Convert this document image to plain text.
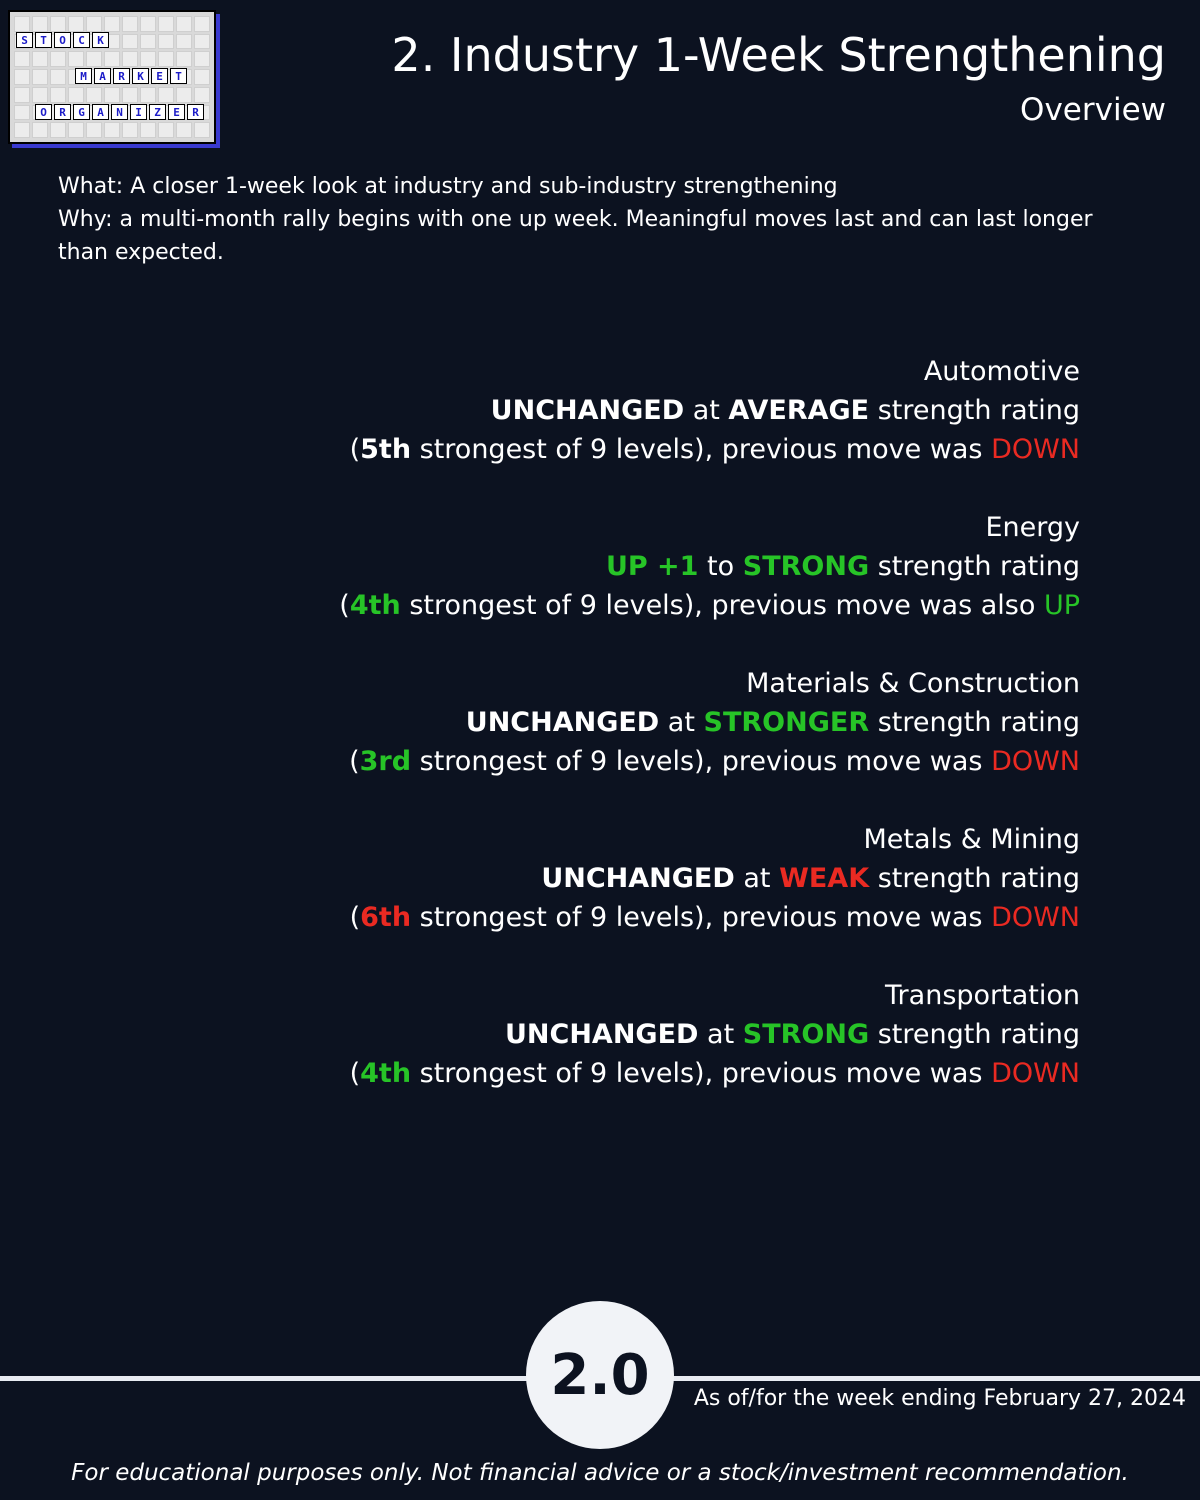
S	T	O	C	K
M	A	R	K	E	T
O	R	G	A	N	I	Z	E	R
2. Industry 1-Week Strengthening
Overview

What: A closer 1-week look at industry and sub-industry strengthening

Why: a multi-month rally begins with one up week. Meaningful moves last and can last longer than expected.

Automotive
UNCHANGED at AVERAGE strength rating
(5th strongest of 9 levels), previous move was DOWN
Energy
UP +1 to STRONG strength rating
(4th strongest of 9 levels), previous move was also UP
Materials & Construction
UNCHANGED at STRONGER strength rating
(3rd strongest of 9 levels), previous move was DOWN
Metals & Mining
UNCHANGED at WEAK strength rating
(6th strongest of 9 levels), previous move was DOWN
Transportation
UNCHANGED at STRONG strength rating
(4th strongest of 9 levels), previous move was DOWN
2.0	As of/for the week ending February 27, 2024
For educational purposes only. Not financial advice or a stock/investment recommendation.
